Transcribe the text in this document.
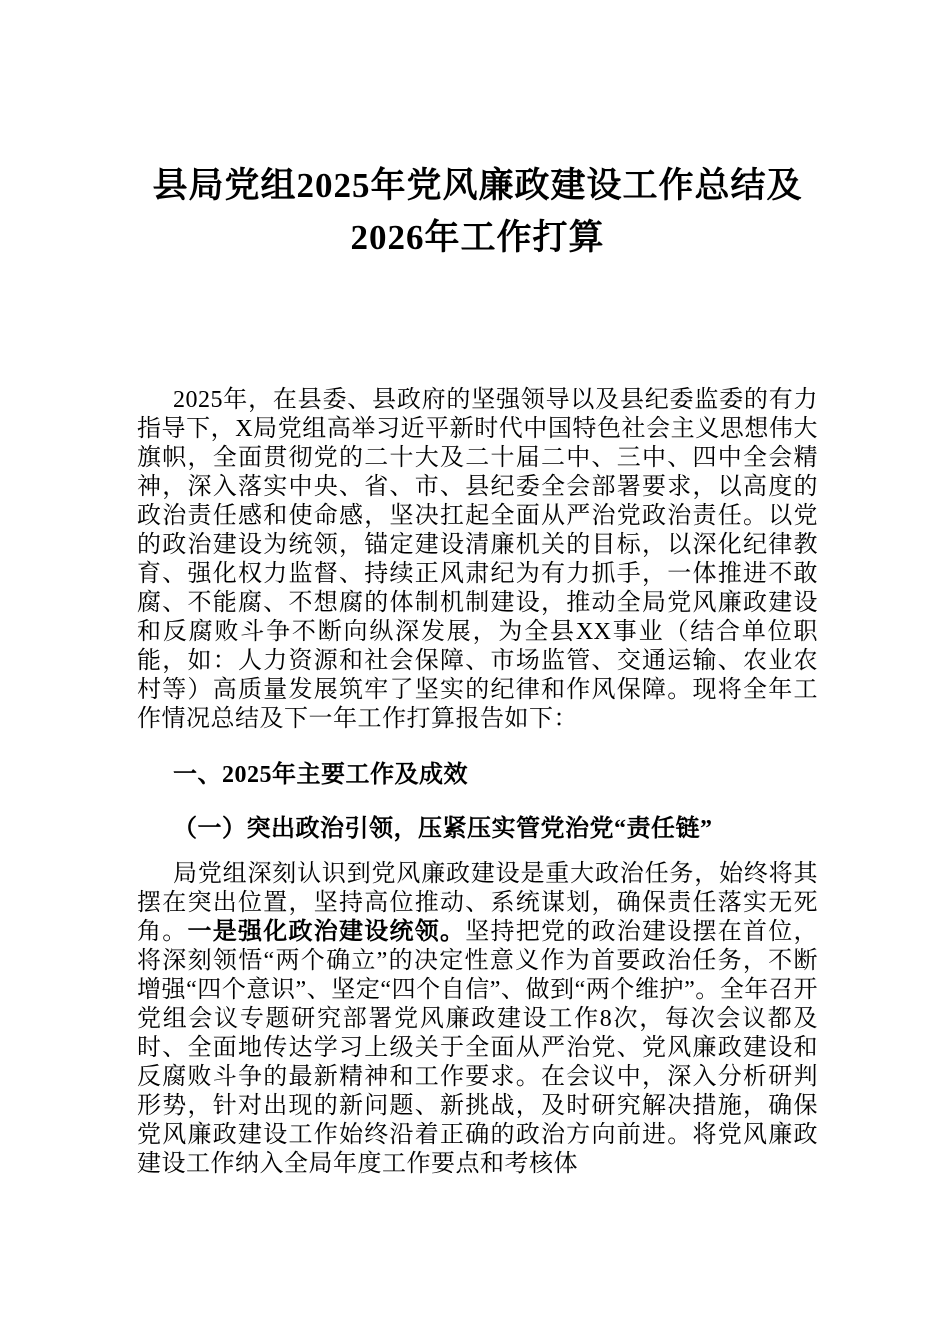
县局党组2025年党风廉政建设工作总结及
2026年工作打算

2025年，在县委、县政府的坚强领导以及县纪委监委的有力指导下，X局党组高举习近平新时代中国特色社会主义思想伟大旗帜，全面贯彻党的二十大及二十届二中、三中、四中全会精神，深入落实中央、省、市、县纪委全会部署要求，以高度的政治责任感和使命感，坚决扛起全面从严治党政治责任。以党的政治建设为统领，锚定建设清廉机关的目标，以深化纪律教育、强化权力监督、持续正风肃纪为有力抓手，一体推进不敢腐、不能腐、不想腐的体制机制建设，推动全局党风廉政建设和反腐败斗争不断向纵深发展，为全县XX事业（结合单位职能，如：人力资源和社会保障、市场监管、交通运输、农业农村等）高质量发展筑牢了坚实的纪律和作风保障。现将全年工作情况总结及下一年工作打算报告如下：

一、2025年主要工作及成效
（一）突出政治引领，压紧压实管党治党“责任链”

局党组深刻认识到党风廉政建设是重大政治任务，始终将其摆在突出位置，坚持高位推动、系统谋划，确保责任落实无死角。一是强化政治建设统领。坚持把党的政治建设摆在首位，将深刻领悟“两个确立”的决定性意义作为首要政治任务，不断增强“四个意识”、坚定“四个自信”、做到“两个维护”。全年召开党组会议专题研究部署党风廉政建设工作8次，每次会议都及时、全面地传达学习上级关于全面从严治党、党风廉政建设和反腐败斗争的最新精神和工作要求。在会议中，深入分析研判形势，针对出现的新问题、新挑战，及时研究解决措施，确保党风廉政建设工作始终沿着正确的政治方向前进。将党风廉政建设工作纳入全局年度工作要点和考核体
